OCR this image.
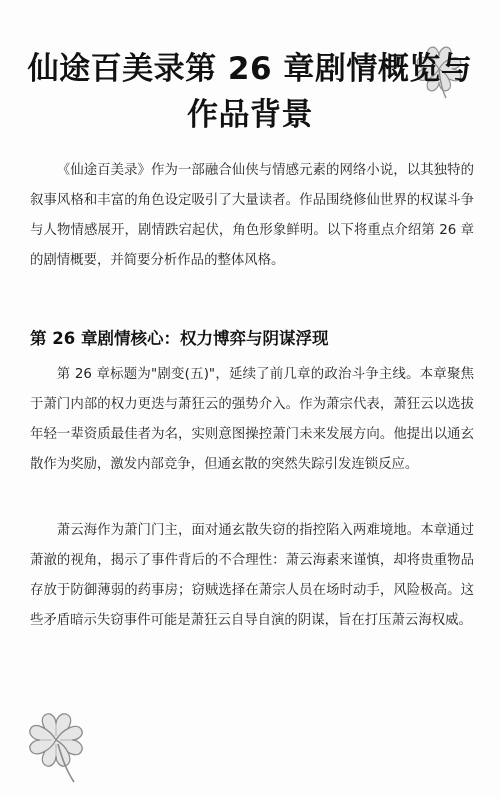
仙途百美录第 26 章剧情概览与作品背景

《仙途百美录》作为一部融合仙侠与情感元素的网络小说，以其独特的叙事风格和丰富的角色设定吸引了大量读者。作品围绕修仙世界的权谋斗争与人物情感展开，剧情跌宕起伏，角色形象鲜明。以下将重点介绍第 26 章的剧情概要，并简要分析作品的整体风格。

第 26 章剧情核心：权力博弈与阴谋浮现

第 26 章标题为"剧变(五)"，延续了前几章的政治斗争主线。本章聚焦于萧门内部的权力更迭与萧狂云的强势介入。作为萧宗代表，萧狂云以选拔年轻一辈资质最佳者为名，实则意图操控萧门未来发展方向。他提出以通玄散作为奖励，激发内部竞争，但通玄散的突然失踪引发连锁反应。

萧云海作为萧门门主，面对通玄散失窃的指控陷入两难境地。本章通过萧澈的视角，揭示了事件背后的不合理性：萧云海素来谨慎，却将贵重物品存放于防御薄弱的药事房；窃贼选择在萧宗人员在场时动手，风险极高。这些矛盾暗示失窃事件可能是萧狂云自导自演的阴谋，旨在打压萧云海权威。
